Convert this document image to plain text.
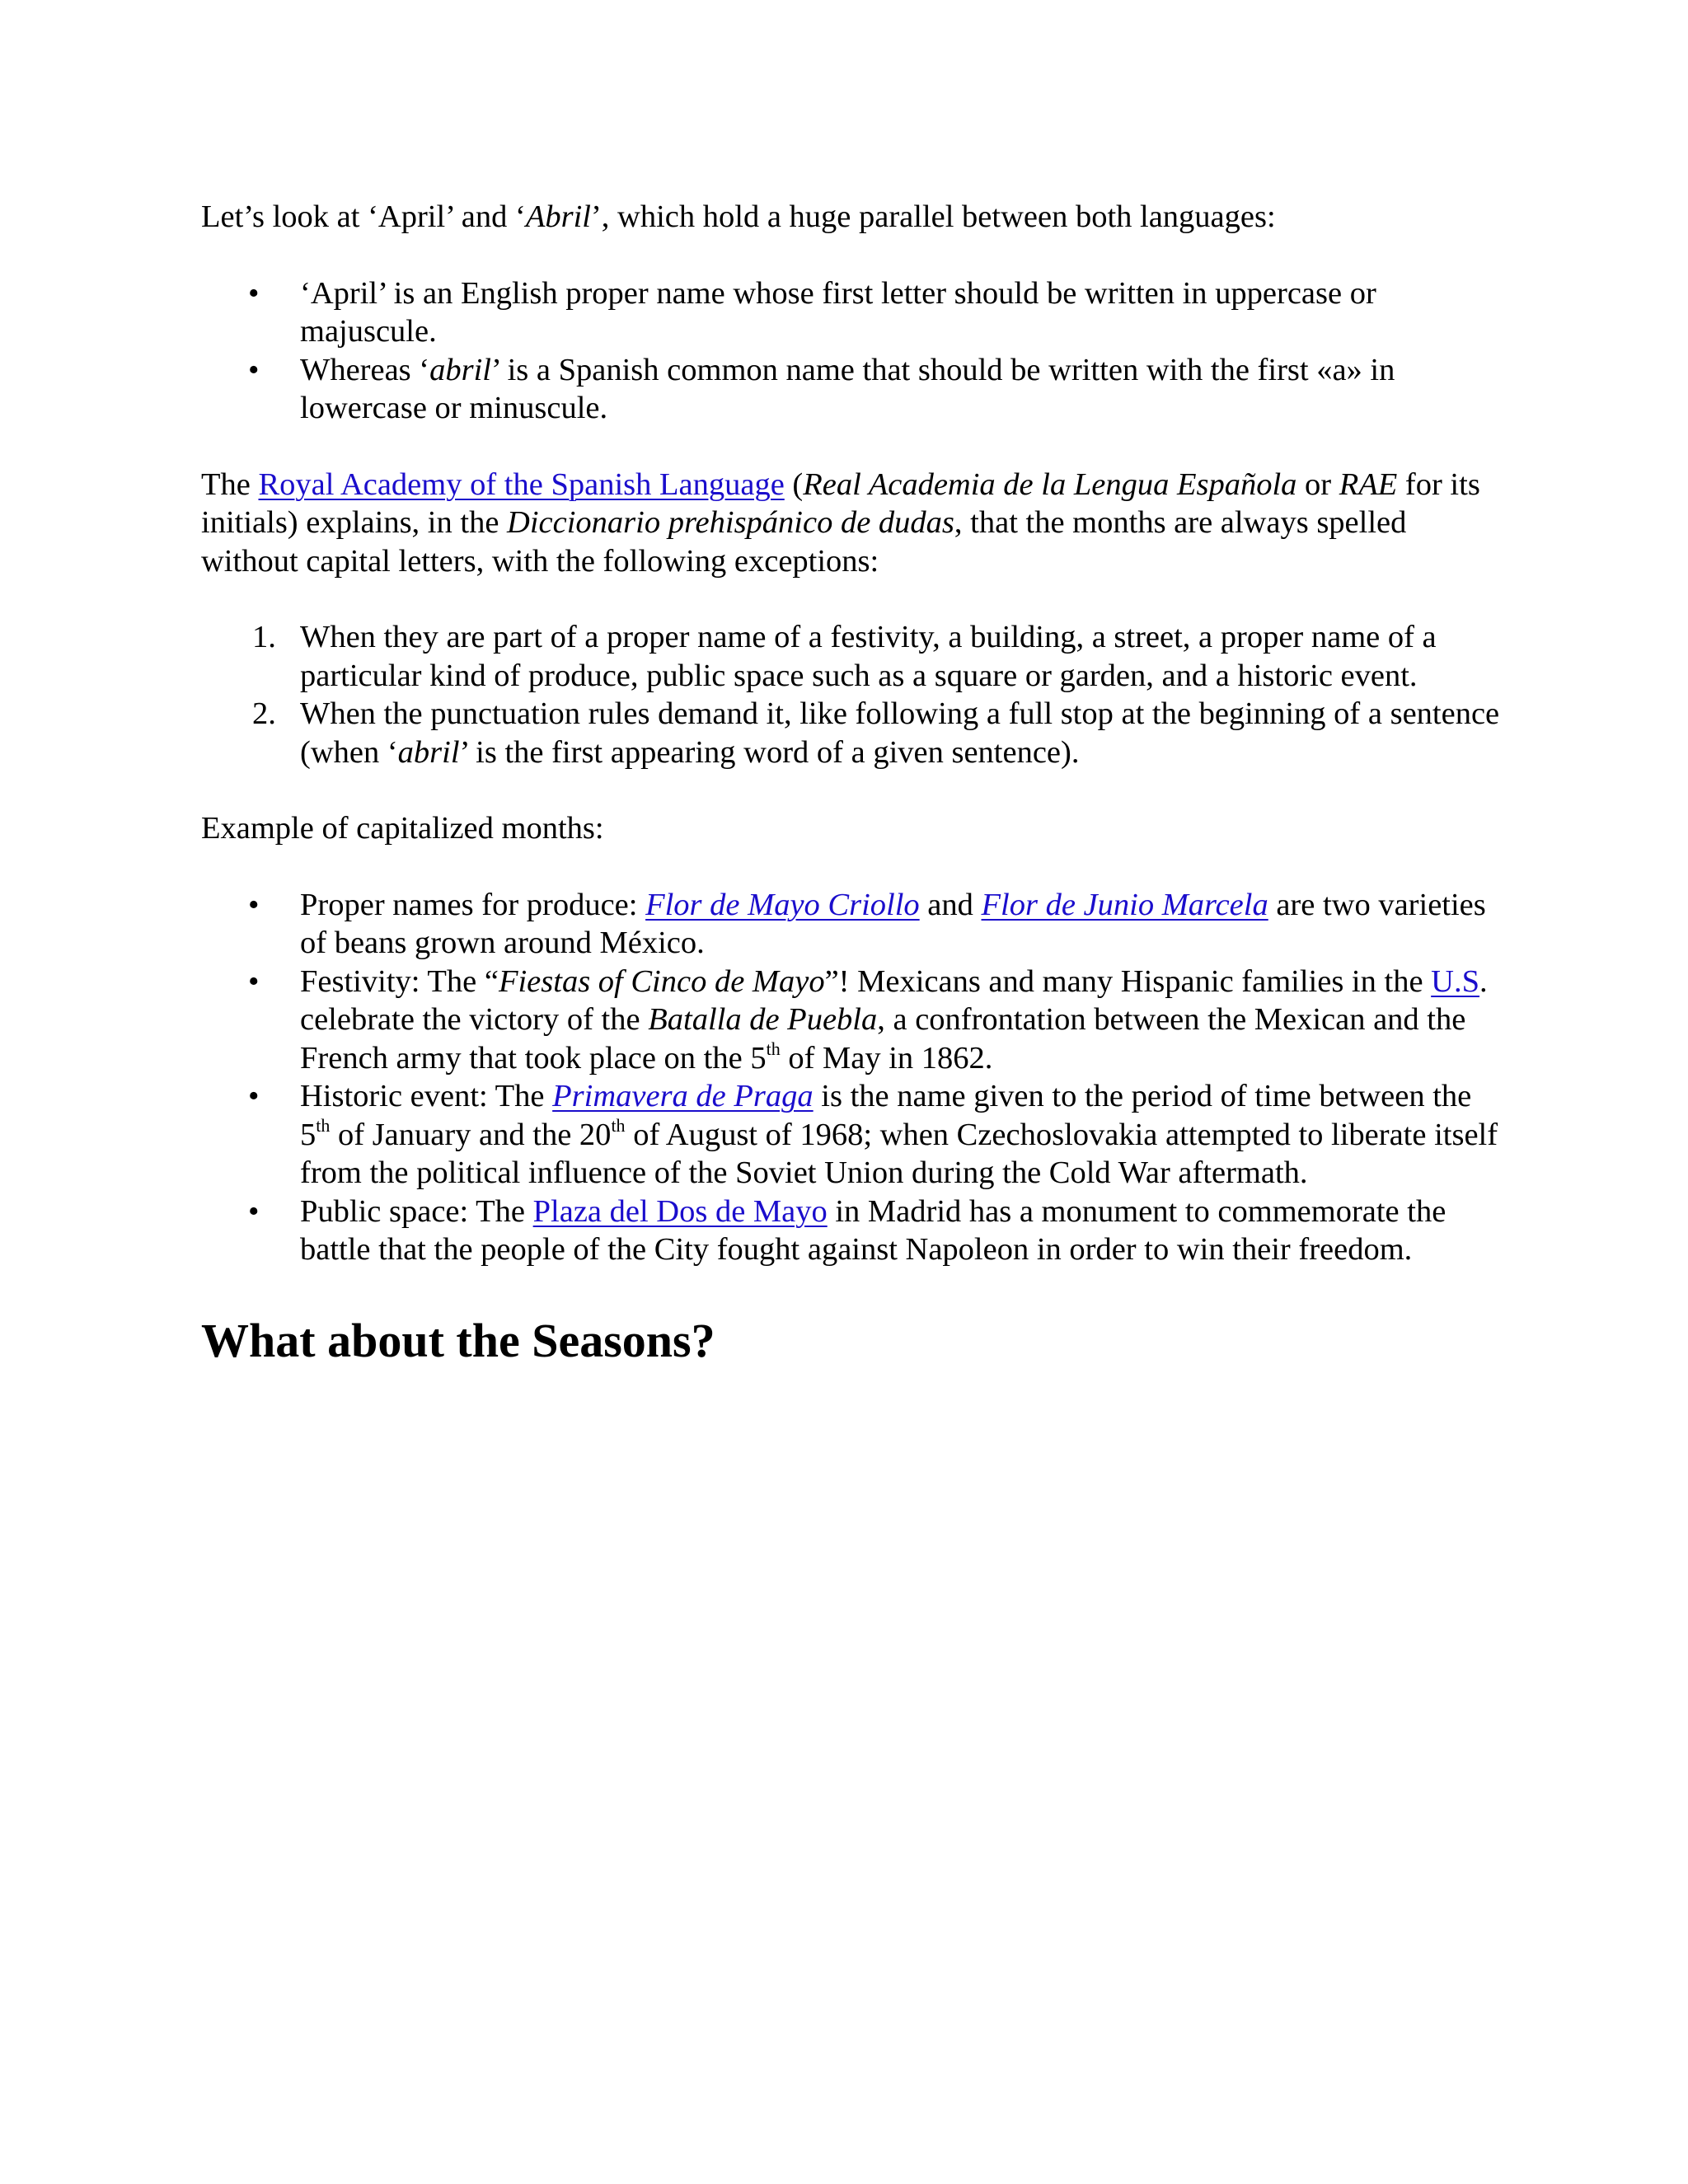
Let’s look at ‘April’ and ‘Abril’, which hold a huge parallel between both languages:

• ‘April’ is an English proper name whose first letter should be written in uppercase or majuscule.
• Whereas ‘abril’ is a Spanish common name that should be written with the first «a» in lowercase or minuscule.

The Royal Academy of the Spanish Language (Real Academia de la Lengua Española or RAE for its initials) explains, in the Diccionario prehispánico de dudas, that the months are always spelled without capital letters, with the following exceptions:

1. When they are part of a proper name of a festivity, a building, a street, a proper name of a particular kind of produce, public space such as a square or garden, and a historic event.
2. When the punctuation rules demand it, like following a full stop at the beginning of a sentence (when ‘abril’ is the first appearing word of a given sentence).

Example of capitalized months:

• Proper names for produce: Flor de Mayo Criollo and Flor de Junio Marcela are two varieties of beans grown around México.
• Festivity: The “Fiestas of Cinco de Mayo”! Mexicans and many Hispanic families in the U.S. celebrate the victory of the Batalla de Puebla, a confrontation between the Mexican and the French army that took place on the 5th of May in 1862.
• Historic event: The Primavera de Praga is the name given to the period of time between the 5th of January and the 20th of August of 1968; when Czechoslovakia attempted to liberate itself from the political influence of the Soviet Union during the Cold War aftermath.
• Public space: The Plaza del Dos de Mayo in Madrid has a monument to commemorate the battle that the people of the City fought against Napoleon in order to win their freedom.
What about the Seasons?
